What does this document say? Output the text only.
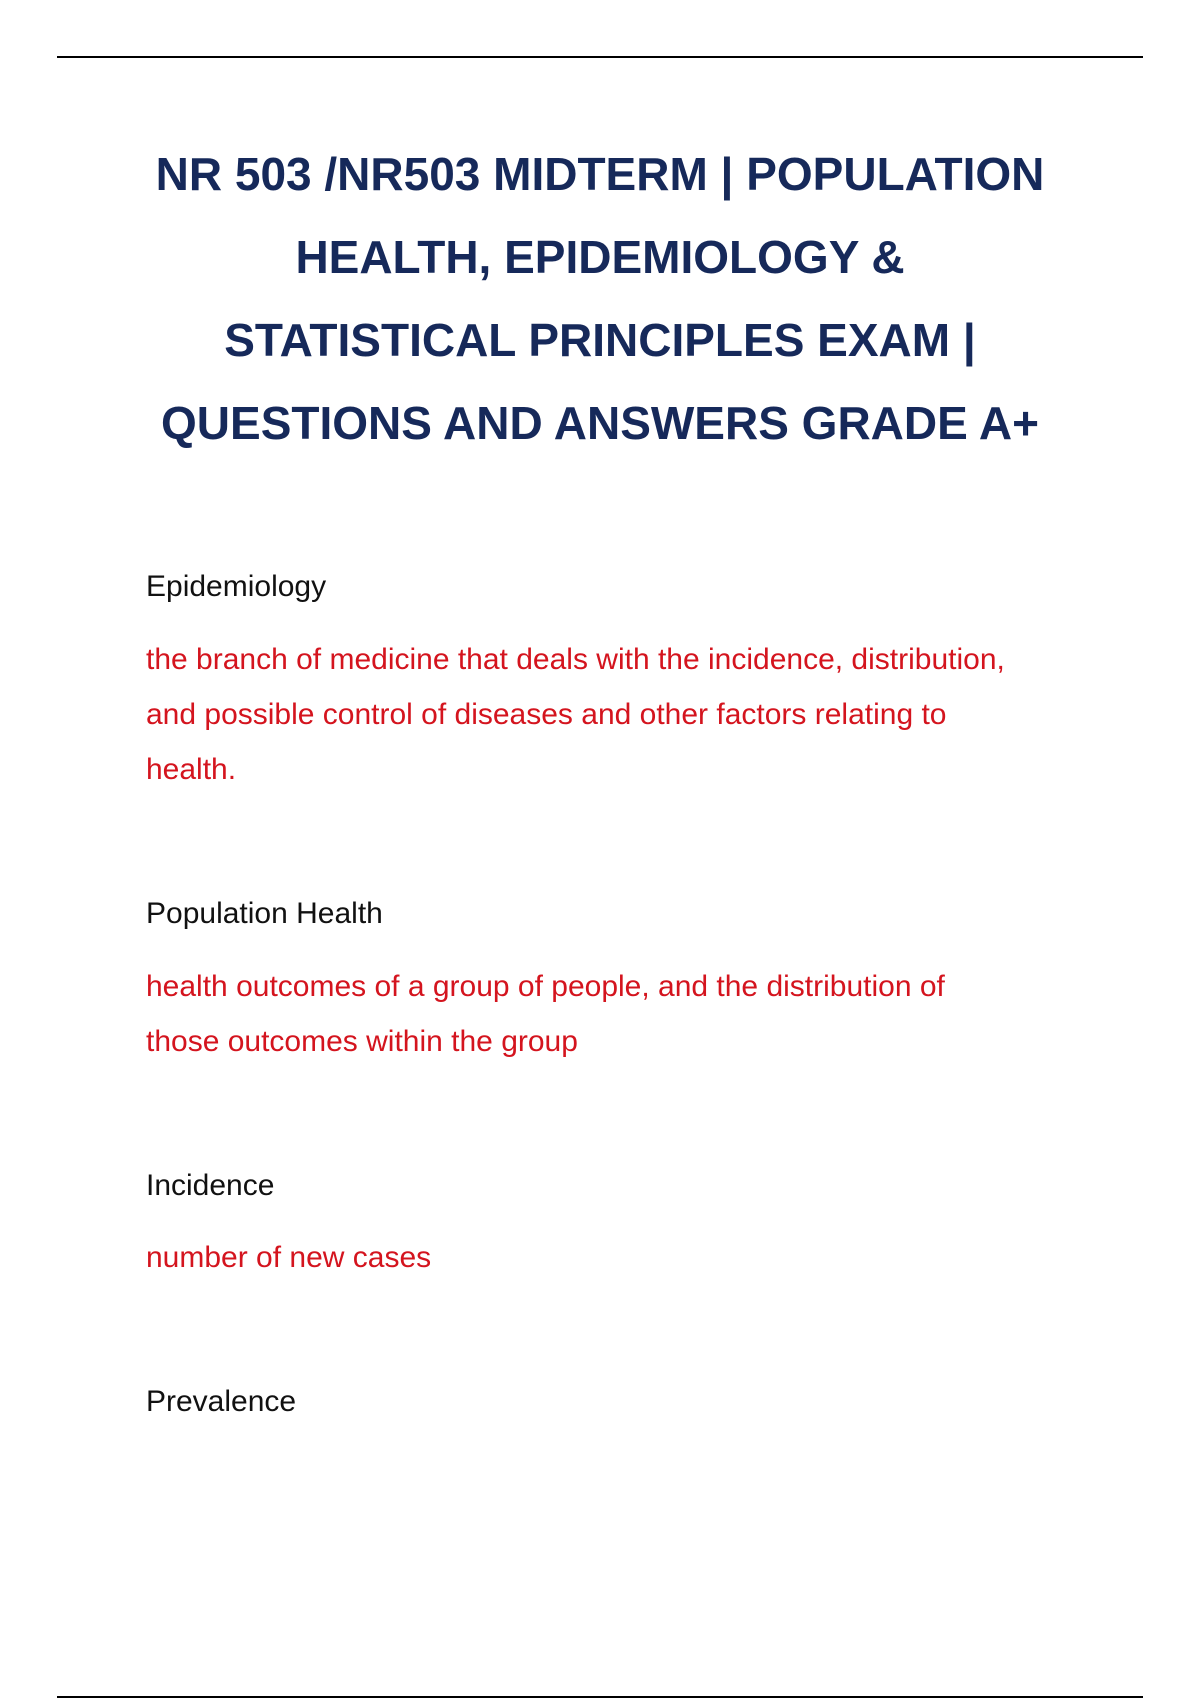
NR 503 /NR503 MIDTERM | POPULATION
HEALTH, EPIDEMIOLOGY &
STATISTICAL PRINCIPLES EXAM |
QUESTIONS AND ANSWERS GRADE A+

Epidemiology

the branch of medicine that deals with the incidence, distribution,
and possible control of diseases and other factors relating to
health.

Population Health

health outcomes of a group of people, and the distribution of
those outcomes within the group

Incidence

number of new cases

Prevalence
